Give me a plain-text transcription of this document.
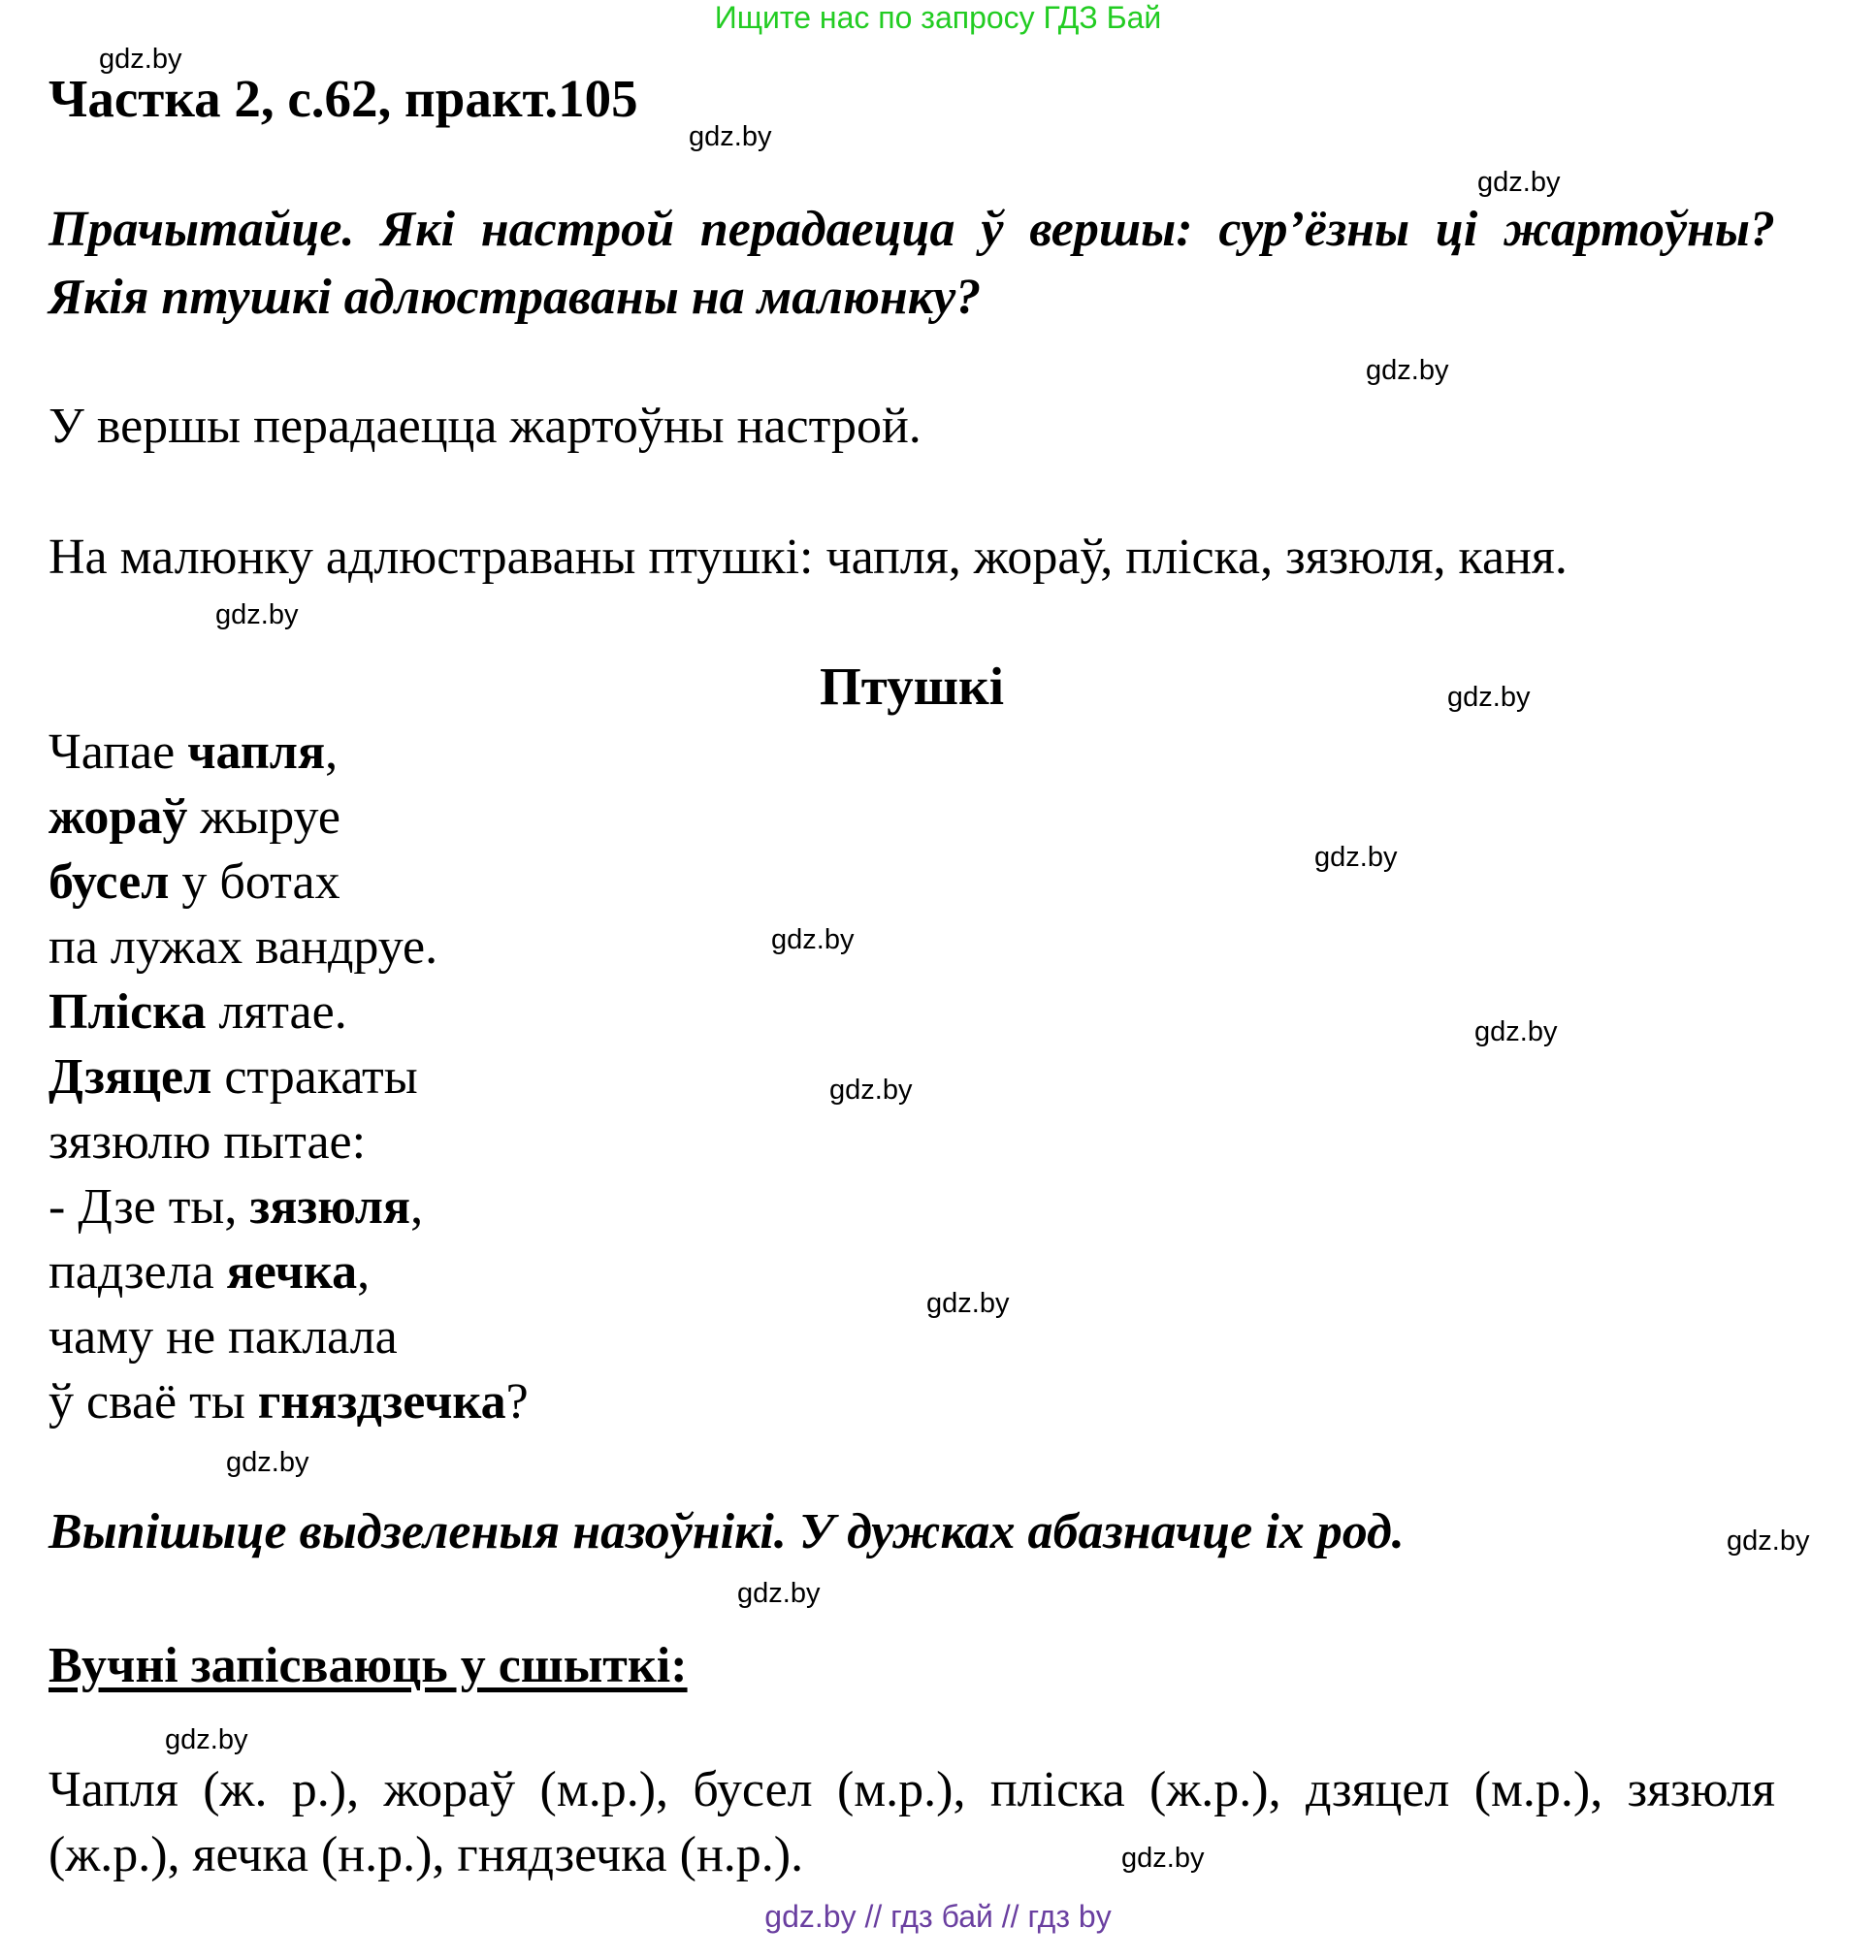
Ищите нас по запросу ГДЗ Бай
Частка 2, с.62, практ.105
Прачытайце. Які настрой перадаецца ў вершы: сур’ёзны ці жартоўны? Якія птушкі адлюстраваны на малюнку?
У вершы перадаецца жартоўны настрой.
На малюнку адлюстраваны птушкі: чапля, жораў, пліска, зязюля, каня.
Птушкі
Чапае чапля,
жораў жыруе
бусел у ботах
па лужах вандруе.
Пліска лятае.
Дзяцел стракаты
зязюлю пытае:
- Дзе ты, зязюля,
падзела яечка,
чаму не паклала
ў сваё ты гняздзечка?
Выпішыце выдзеленыя назоўнікі. У дужках абазначце іх род.
Вучні запісваюць у сшыткі:
Чапля (ж. р.), жораў (м.р.), бусел (м.р.), пліска (ж.р.), дзяцел (м.р.), зязюля (ж.р.), яечка (н.р.), гнядзечка (н.р.).
gdz.by
gdz.by
gdz.by
gdz.by
gdz.by
gdz.by
gdz.by
gdz.by
gdz.by
gdz.by
gdz.by
gdz.by
gdz.by
gdz.by
gdz.by
gdz.by
gdz.by // гдз бай // гдз by
